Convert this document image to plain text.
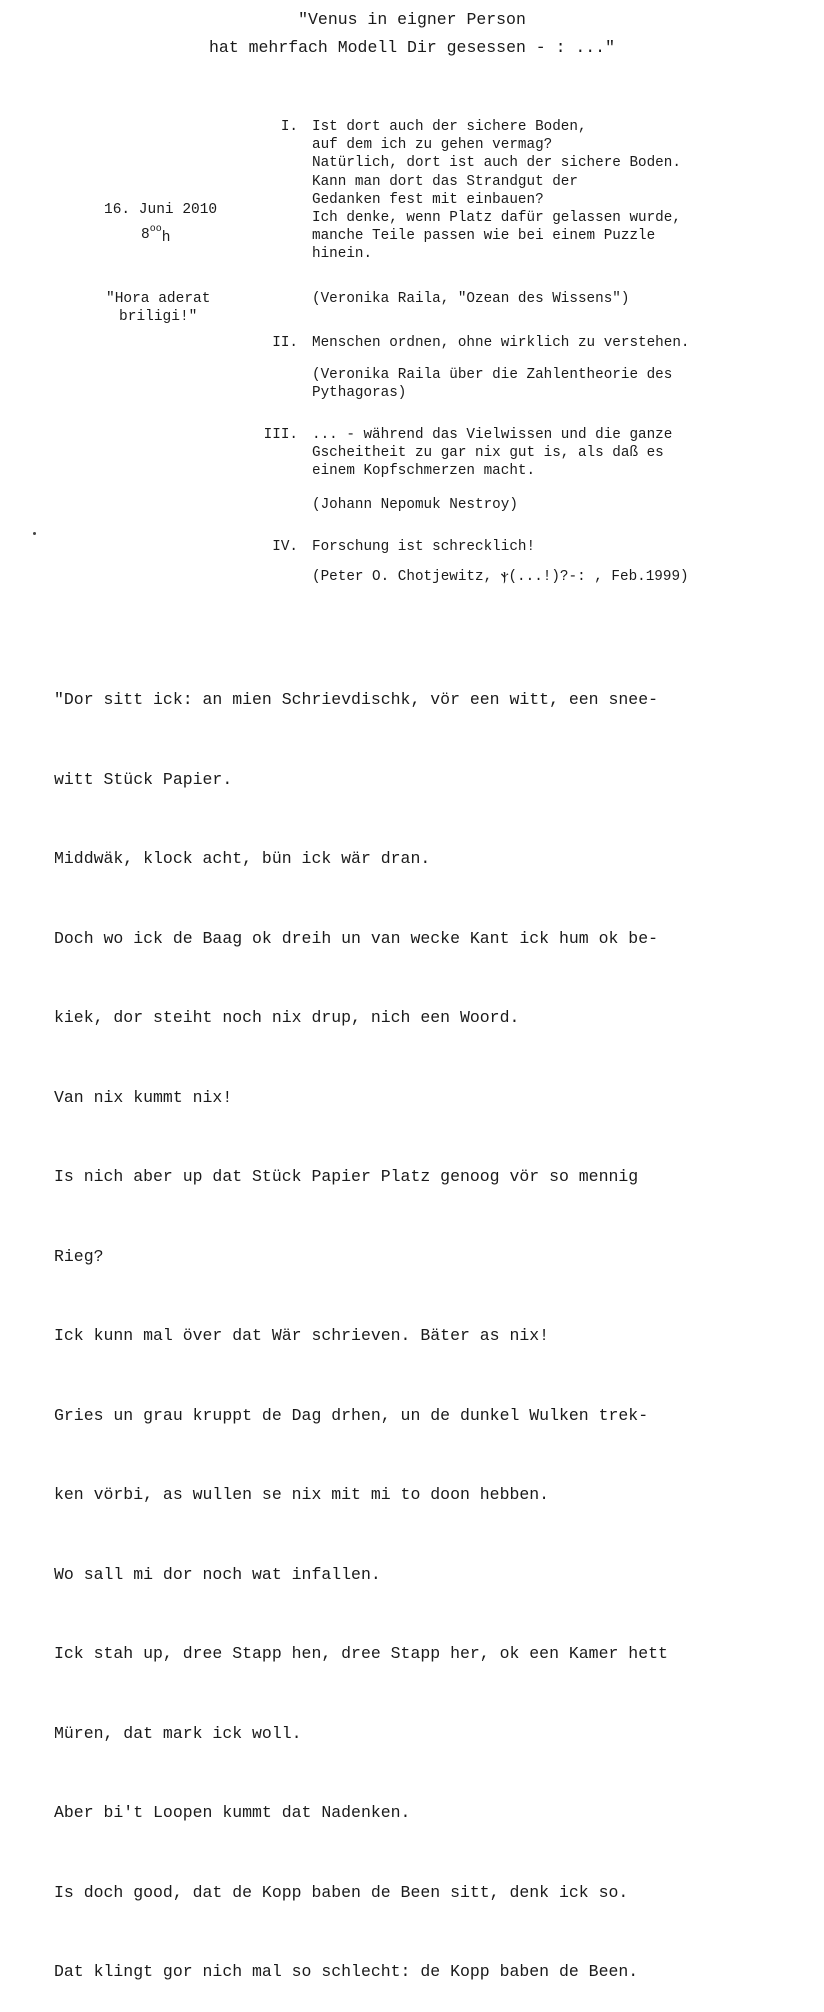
"Venus in eigner Person
hat mehrfach Modell Dir gesessen - : ..."
16. Juni 2010
$8^{oo}h$
"Hora aderat
briligi!"
I. Ist dort auch der sichere Boden,
auf dem ich zu gehen vermag?
Natürlich, dort ist auch der sichere Boden.
Kann man dort das Strandgut der
Gedanken fest mit einbauen?
Ich denke, wenn Platz dafür gelassen wurde,
manche Teile passen wie bei einem Puzzle
hinein.
(Veronika Raila, "Ozean des Wissens")
II. Menschen ordnen, ohne wirklich zu verstehen.
(Veronika Raila über die Zahlentheorie des
Pythagoras)
III. ... - während das Vielwissen und die ganze
Gscheitheit zu gar nix gut is, als daß es
einem Kopfschmerzen macht.
(Johann Nepomuk Nestroy)
IV. Forschung ist schrecklich!
(Peter O. Chotjewitz, ⲯ(...!)?-: , Feb.1999)

"Dor sitt ick: an mien Schrievdischk, vör een witt, een snee-

witt Stück Papier.

Middwäk, klock acht, bün ick wär dran.

Doch wo ick de Baag ok dreih un van wecke Kant ick hum ok be-

kiek, dor steiht noch nix drup, nich een Woord.

Van nix kummt nix!

Is nich aber up dat Stück Papier Platz genoog vör so mennig

Rieg?

Ick kunn mal över dat Wär schrieven. Bäter as nix!

Gries un grau kruppt de Dag drhen, un de dunkel Wulken trek-

ken vörbi, as wullen se nix mit mi to doon hebben.

Wo sall mi dor noch wat infallen.

Ick stah up, dree Stapp hen, dree Stapp her, ok een Kamer hett

Müren, dat mark ick woll.

Aber bi't Loopen kummt dat Nadenken.

Is doch good, dat de Kopp baben de Been sitt, denk ick so.

Dat klingt gor nich mal so schlecht: de Kopp baben de Been.
